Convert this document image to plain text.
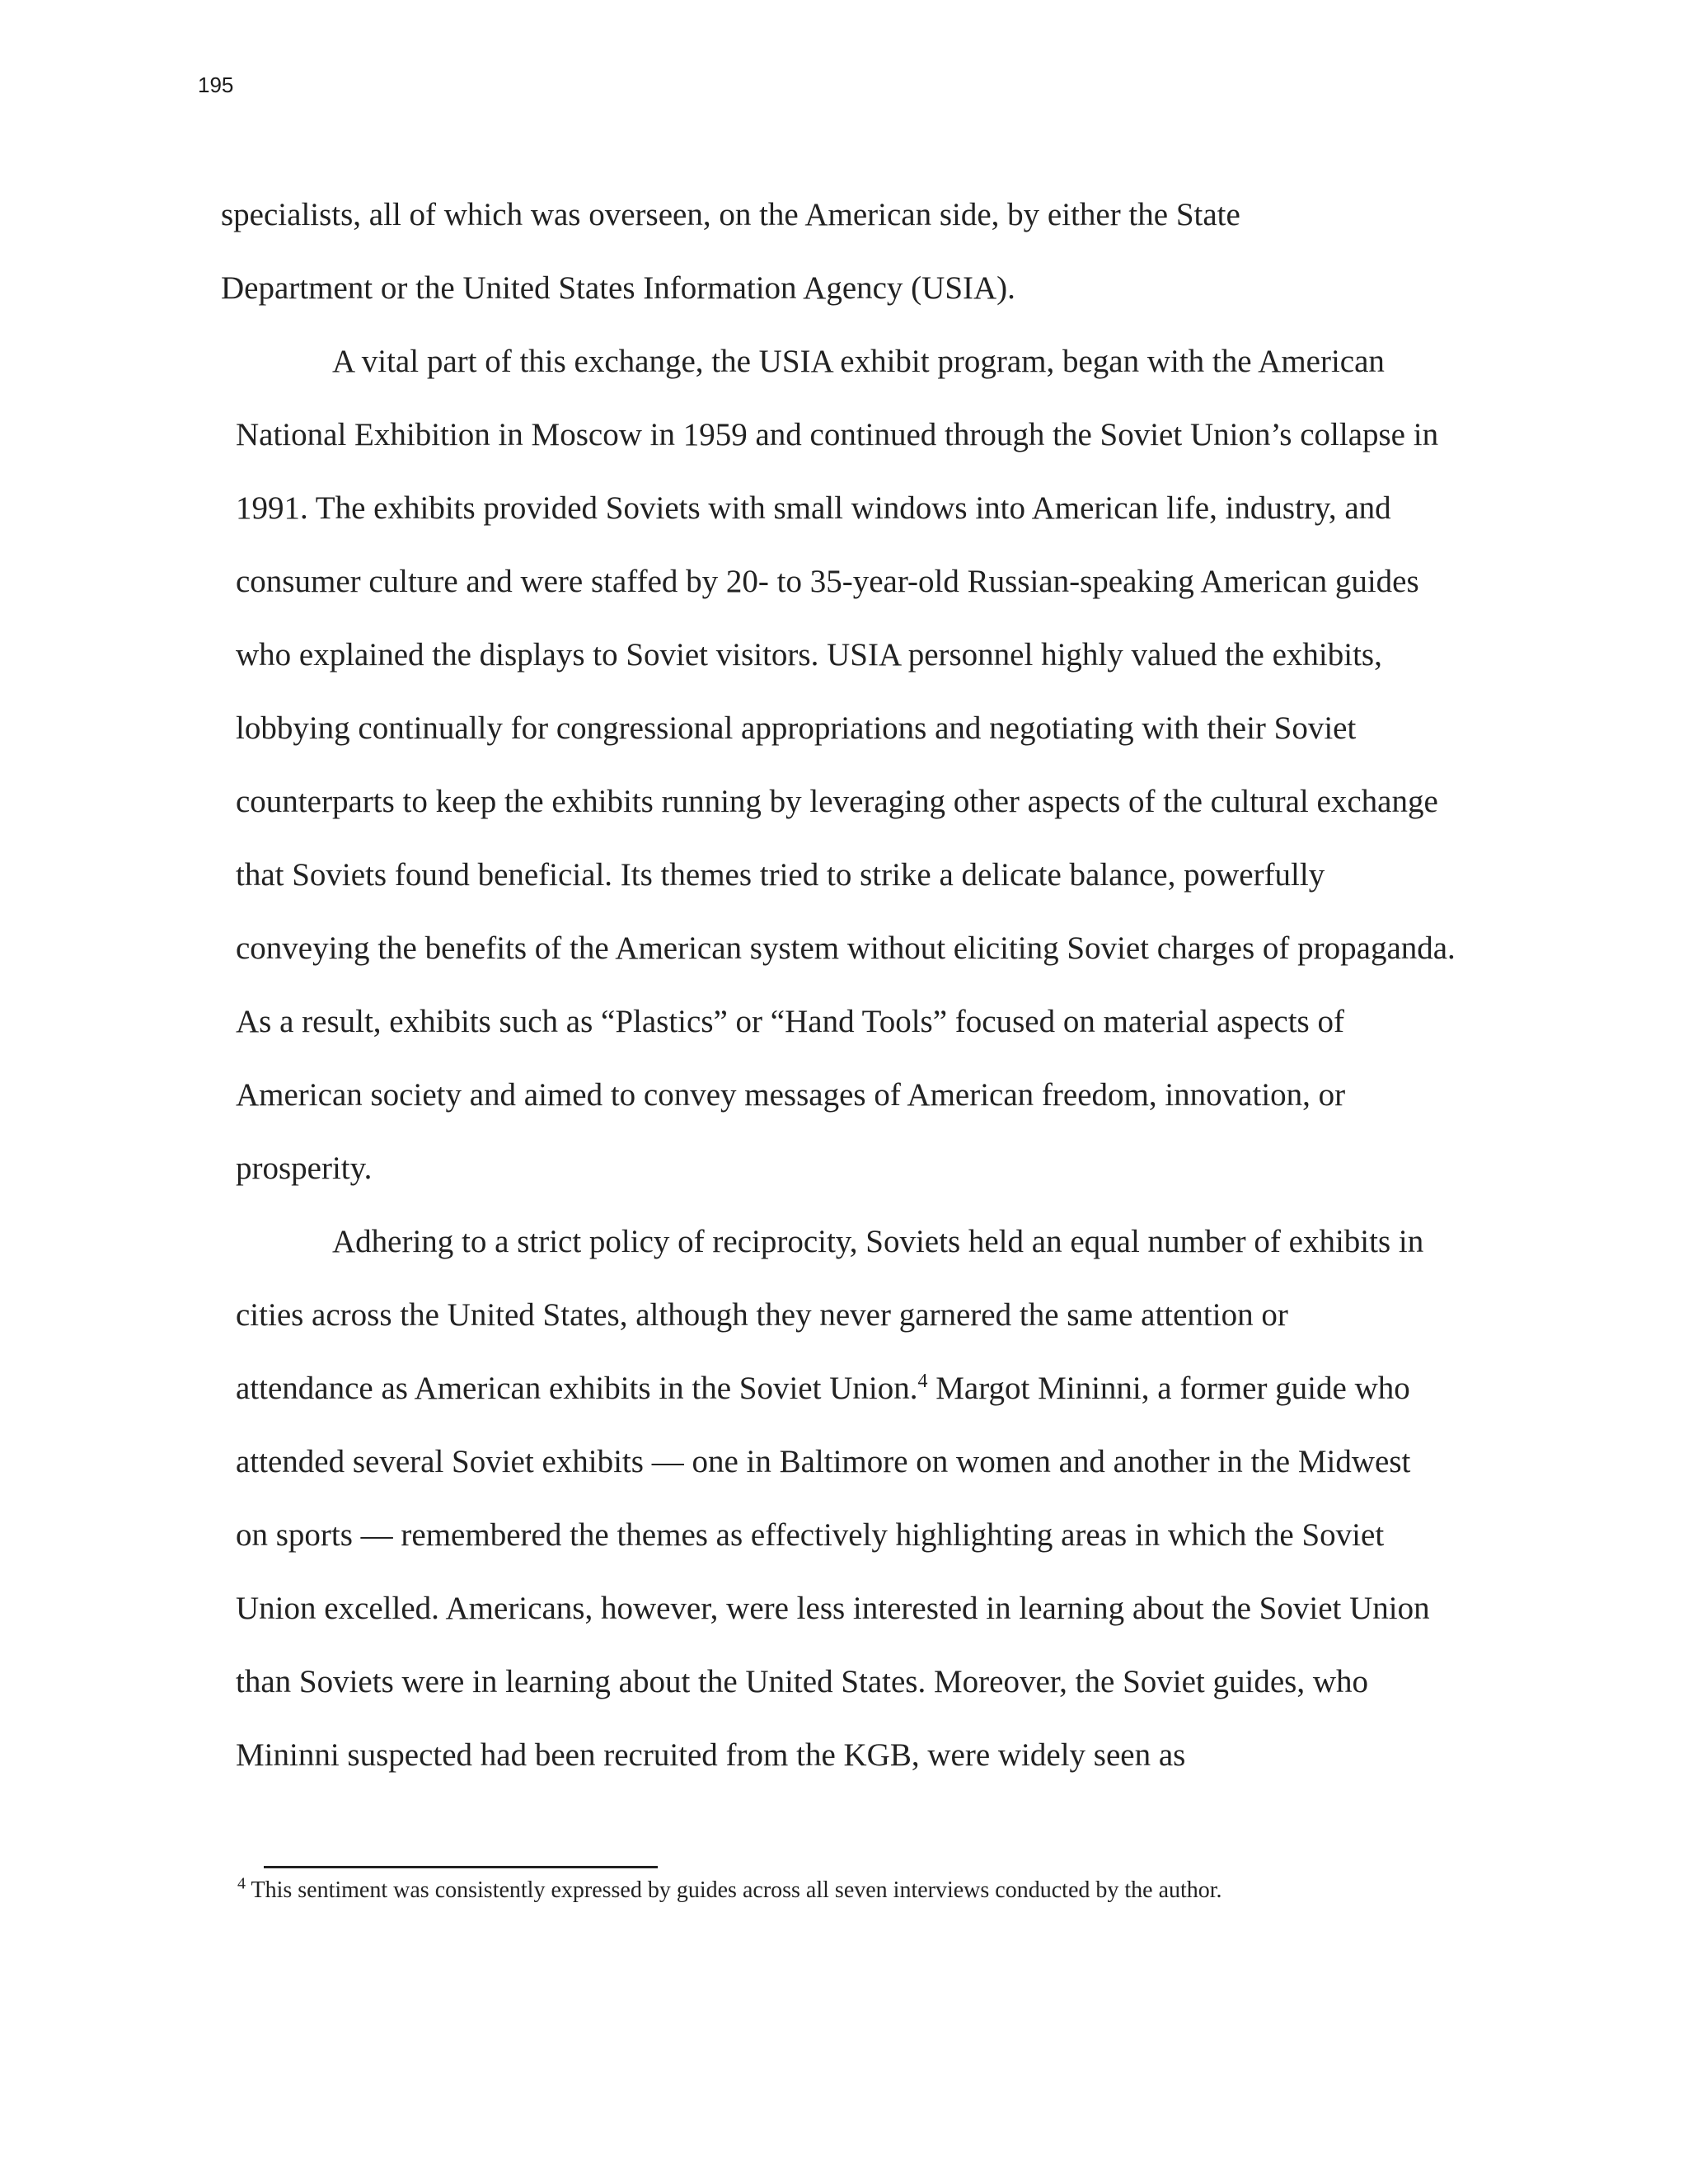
195
specialists, all of which was overseen, on the American side, by either the State
Department or the United States Information Agency (USIA).
A vital part of this exchange, the USIA exhibit program, began with the American
National Exhibition in Moscow in 1959 and continued through the Soviet Union’s collapse in
1991. The exhibits provided Soviets with small windows into American life, industry, and
consumer culture and were staffed by 20- to 35-year-old Russian-speaking American guides
who explained the displays to Soviet visitors. USIA personnel highly valued the exhibits,
lobbying continually for congressional appropriations and negotiating with their Soviet
counterparts to keep the exhibits running by leveraging other aspects of the cultural exchange
that Soviets found beneficial. Its themes tried to strike a delicate balance, powerfully
conveying the benefits of the American system without eliciting Soviet charges of propaganda.
As a result, exhibits such as “Plastics” or “Hand Tools” focused on material aspects of
American society and aimed to convey messages of American freedom, innovation, or
prosperity.
Adhering to a strict policy of reciprocity, Soviets held an equal number of exhibits in
cities across the United States, although they never garnered the same attention or
attendance as American exhibits in the Soviet Union.$^4$ Margot Mininni, a former guide who
attended several Soviet exhibits — one in Baltimore on women and another in the Midwest
on sports — remembered the themes as effectively highlighting areas in which the Soviet
Union excelled. Americans, however, were less interested in learning about the Soviet Union
than Soviets were in learning about the United States. Moreover, the Soviet guides, who
Mininni suspected had been recruited from the KGB, were widely seen as
$^4$ This sentiment was consistently expressed by guides across all seven interviews conducted by the author.
